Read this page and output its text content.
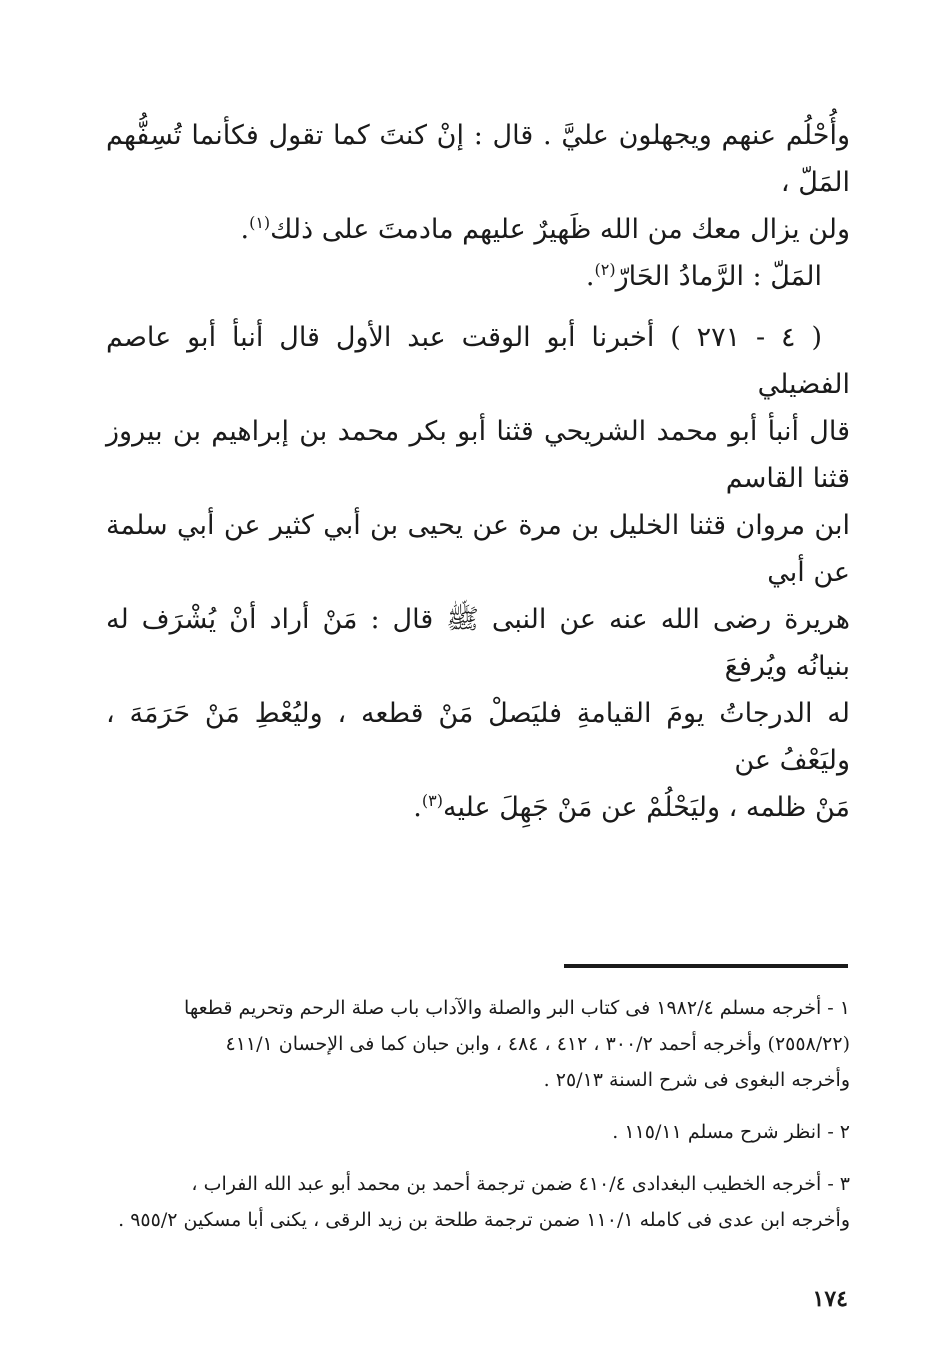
وأُحْلُم عنهم ويجهلون عليَّ . قال : إنْ كنتَ كما تقول فكأنما تُسِفُّهم المَلّ ،
ولن يزال معك من الله ظَهيرٌ عليهم مادمتَ على ذلك$^{(١)}$.

المَلّ : الرَّمادُ الحَارّ$^{(٢)}$.

( ٤ - ٢٧١ ) أخبرنا أبو الوقت عبد الأول قال أنبأ أبو عاصم الفضيلي
قال أنبأ أبو محمد الشريحي قثنا أبو بكر محمد بن إبراهيم بن بيروز قثنا القاسم
ابن مروان قثنا الخليل بن مرة عن يحيى بن أبي كثير عن أبي سلمة عن أبي
هريرة رضى الله عنه عن النبى ﷺ قال : مَنْ أراد أنْ يُشْرَف له بنيانُه ويُرفعَ
له الدرجاتُ يومَ القيامةِ فليَصلْ مَنْ قطعه ، وليُعْطِ مَنْ حَرَمَهَ ، وليَعْفُ عن
مَنْ ظلمه ، وليَحْلُمْ عن مَنْ جَهِلَ عليه$^{(٣)}$.

١ - أخرجه مسلم ١٩٨٢/٤ فى كتاب البر والصلة والآداب باب صلة الرحم وتحريم قطعها
(٢٥٥٨/٢٢) وأخرجه أحمد ٣٠٠/٢ ، ٤١٢ ، ٤٨٤ ، وابن حبان كما فى الإحسان ٤١١/١
وأخرجه البغوى فى شرح السنة ٢٥/١٣ .

٢ - انظر شرح مسلم ١١٥/١١ .

٣ - أخرجه الخطيب البغدادى ٤١٠/٤ ضمن ترجمة أحمد بن محمد أبو عبد الله الفراب ،
وأخرجه ابن عدى فى كامله ١١٠/١ ضمن ترجمة طلحة بن زيد الرقى ، يكنى أبا مسكين ٩٥٥/٢ .

١٧٤
